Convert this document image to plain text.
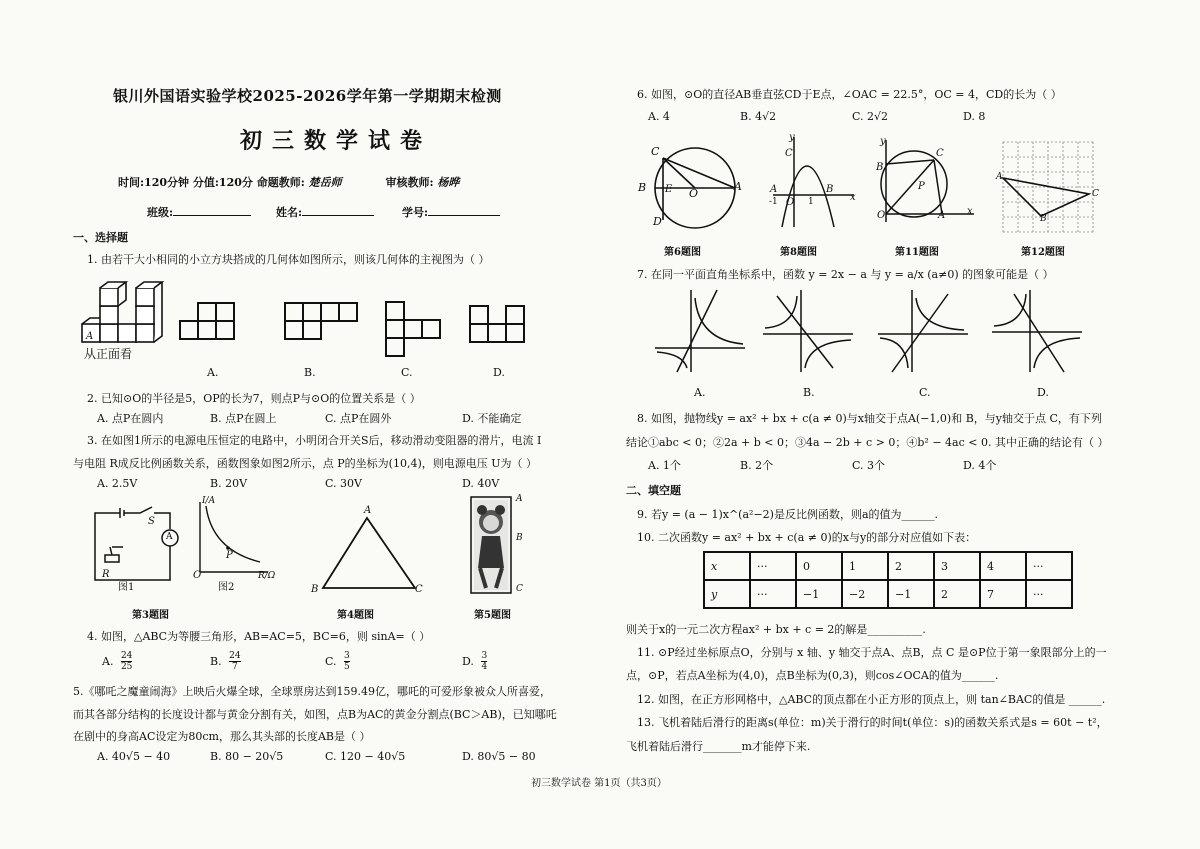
银川外国语实验学校2025-2026学年第一学期期末检测
初三数学试卷
时间:120分钟 分值:120分 命题教师: 楚岳师	审核教师: 杨晔
班级:	姓名:	学号:
一、选择题
1. 由若干大小相同的小立方块搭成的几何体如图所示，则该几何体的主视图为（ ）
A
从正面看
A.	B.	C.	D.
2. 已知⊙O的半径是5，OP的长为7，则点P与⊙O的位置关系是（ ）
A. 点P在圆内	B. 点P在圆上	C. 点P在圆外	D. 不能确定
3. 在如图1所示的电源电压恒定的电路中，小明闭合开关S后，移动滑动变阻器的滑片，电流 I
与电阻 R成反比例函数关系，函数图象如图2所示，点 P的坐标为(10,4)，则电源电压 U为（ ）
A. 2.5V	B. 20V	C. 30V	D. 40V
S
A
R
图1
I/A
P
O	R/Ω
图2
A
B	C
A
B
C
第3题图	第4题图	第5题图
4. 如图，△ABC为等腰三角形，AB=AC=5，BC=6，则 sinA=（ ）
A. $\frac{24}{25}$	B. $\frac{24}{7}$	C. $\frac{3}{5}$	D. $\frac{3}{4}$
5.《哪吒之魔童闹海》上映后火爆全球，全球票房达到159.49亿，哪吒的可爱形象被众人所喜爱，
而其各部分结构的长度设计都与黄金分割有关，如图，点B为AC的黄金分割点(BC＞AB)，已知哪吒
在剧中的身高AC设定为80cm，那么其头部的长度AB是（ ）
A. 40√5 − 40	B. 80 − 20√5	C. 120 − 40√5	D. 80√5 − 80
6. 如图，⊙O的直径AB垂直弦CD于E点，∠OAC = 22.5°，OC = 4，CD的长为（ ）
A. 4	B. 4√2	C. 2√2	D. 8
C
B E O
A
D
y
C
A	B
-1 O 1	x
y
B
P
C
O	A x
A
C
B
第6题图	第8题图	第11题图	第12题图
7. 在同一平面直角坐标系中，函数 y = 2x − a 与 y = a/x (a≠0) 的图象可能是（ ）
A.	B.	C.	D.
8. 如图，抛物线y = ax² + bx + c(a ≠ 0)与x轴交于点A(−1,0)和 B，与y轴交于点 C，有下列
结论①abc < 0；②2a + b < 0；③4a − 2b + c > 0；④b² − 4ac < 0. 其中正确的结论有（ ）
A. 1个	B. 2个	C. 3个	D. 4个
二、填空题
9. 若y = (a − 1)x^(a²−2)是反比例函数，则a的值为______.
10. 二次函数y = ax² + bx + c(a ≠ 0)的x与y的部分对应值如下表：
x	···	0	1	2	3	4	···
y	···	−1	−2	−1	2	7	···
则关于x的一元二次方程ax² + bx + c = 2的解是__________.
11. ⊙P经过坐标原点O，分别与 x 轴、y 轴交于点A、点B，点 C 是⊙P位于第一象限部分上的一
点，⊙P，若点A坐标为(4,0)，点B坐标为(0,3)，则cos∠OCA的值为______.
12. 如图，在正方形网格中，△ABC的顶点都在小正方形的顶点上，则 tan∠BAC的值是 ______.
13. 飞机着陆后滑行的距离s(单位：m)关于滑行的时间t(单位：s)的函数关系式是s = 60t − t²，
飞机着陆后滑行_______m才能停下来.
初三数学试卷 第1页（共3页）
